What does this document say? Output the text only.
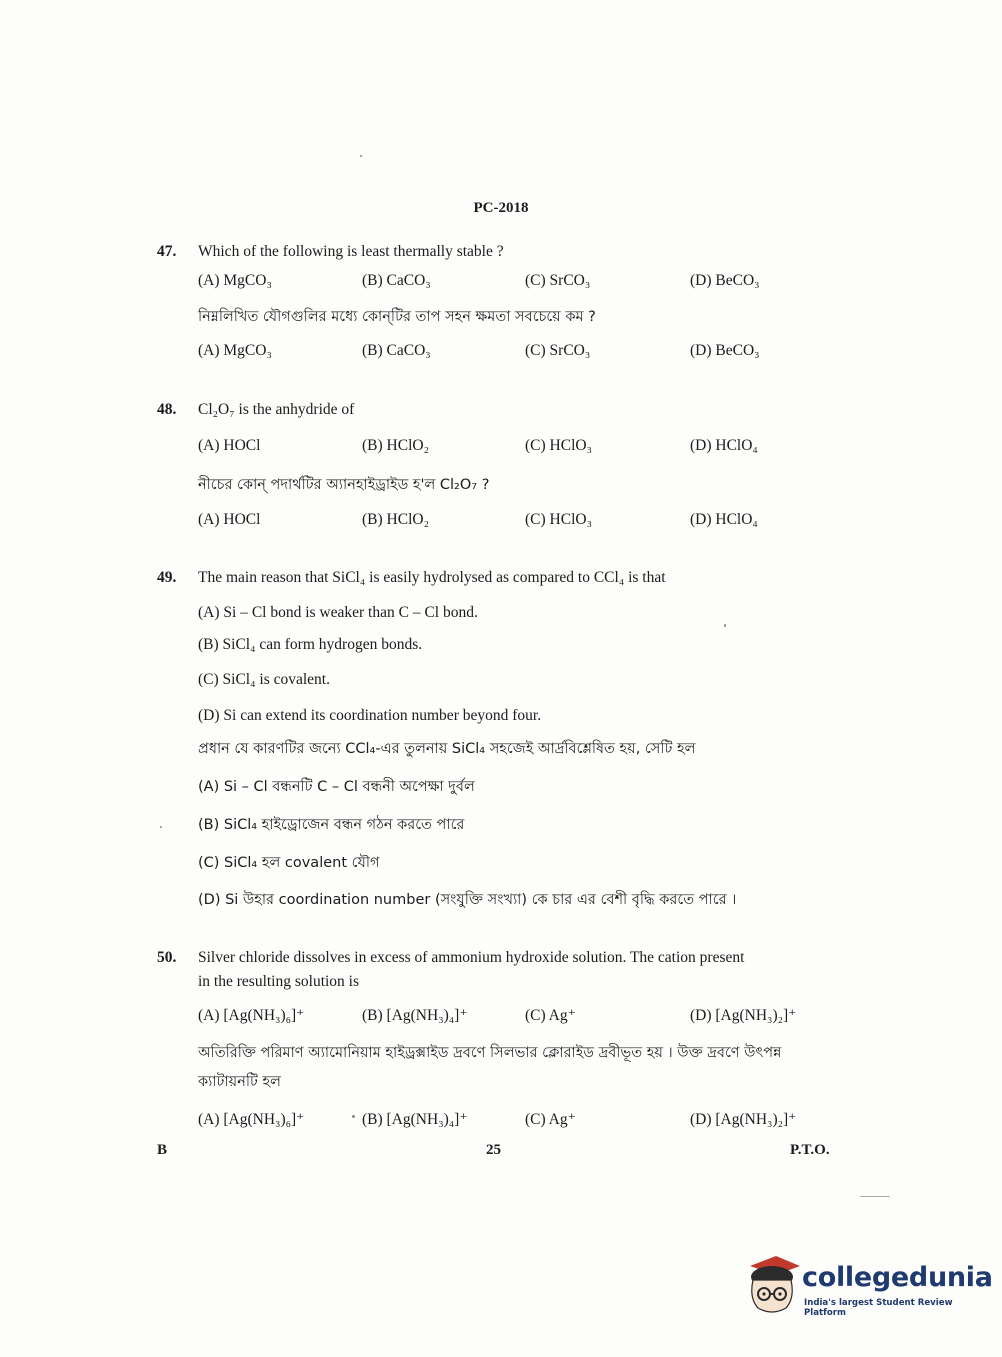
PC-2018
47. Which of the following is least thermally stable ?
(A) MgCO₃	(B) CaCO₃	(C) SrCO₃	(D) BeCO₃
নিম্নলিখিত যৌগগুলির মধ্যে কোন্‌টির তাপ সহন ক্ষমতা সবচেয়ে কম ?
(A) MgCO₃	(B) CaCO₃	(C) SrCO₃	(D) BeCO₃
48. Cl₂O₇ is the anhydride of
(A) HOCl	(B) HClO₂	(C) HClO₃	(D) HClO₄
নীচের কোন্‌ পদার্থটির অ্যানহাইড্রাইড হ'ল Cl₂O₇ ?
(A) HOCl	(B) HClO₂	(C) HClO₃	(D) HClO₄
49. The main reason that SiCl₄ is easily hydrolysed as compared to CCl₄ is that
(A) Si – Cl bond is weaker than C – Cl bond.
(B) SiCl₄ can form hydrogen bonds.
(C) SiCl₄ is covalent.
(D) Si can extend its coordination number beyond four.
প্রধান যে কারণটির জন্যে CCl₄-এর তুলনায় SiCl₄ সহজেই আর্দ্রবিশ্লেষিত হয়, সেটি হল
(A) Si – Cl বন্ধনটি C – Cl বন্ধনী অপেক্ষা দুর্বল
(B) SiCl₄ হাইড্রোজেন বন্ধন গঠন করতে পারে
(C) SiCl₄ হল covalent যৌগ
(D) Si উহার coordination number (সংযুক্তি সংখ্যা) কে চার এর বেশী বৃদ্ধি করতে পারে ।
50. Silver chloride dissolves in excess of ammonium hydroxide solution. The cation present
in the resulting solution is
(A) [Ag(NH₃)₆]⁺	(B) [Ag(NH₃)₄]⁺	(C) Ag⁺	(D) [Ag(NH₃)₂]⁺
অতিরিক্তি পরিমাণ অ্যামোনিয়াম হাইড্রক্সাইড দ্রবণে সিলভার ক্লোরাইড দ্রবীভূত হয় । উক্ত দ্রবণে উৎপন্ন
ক্যাটায়নটি হল
(A) [Ag(NH₃)₆]⁺	(B) [Ag(NH₃)₄]⁺	(C) Ag⁺	(D) [Ag(NH₃)₂]⁺
B	25	P.T.O.
collegedunia
India's largest Student Review Platform
